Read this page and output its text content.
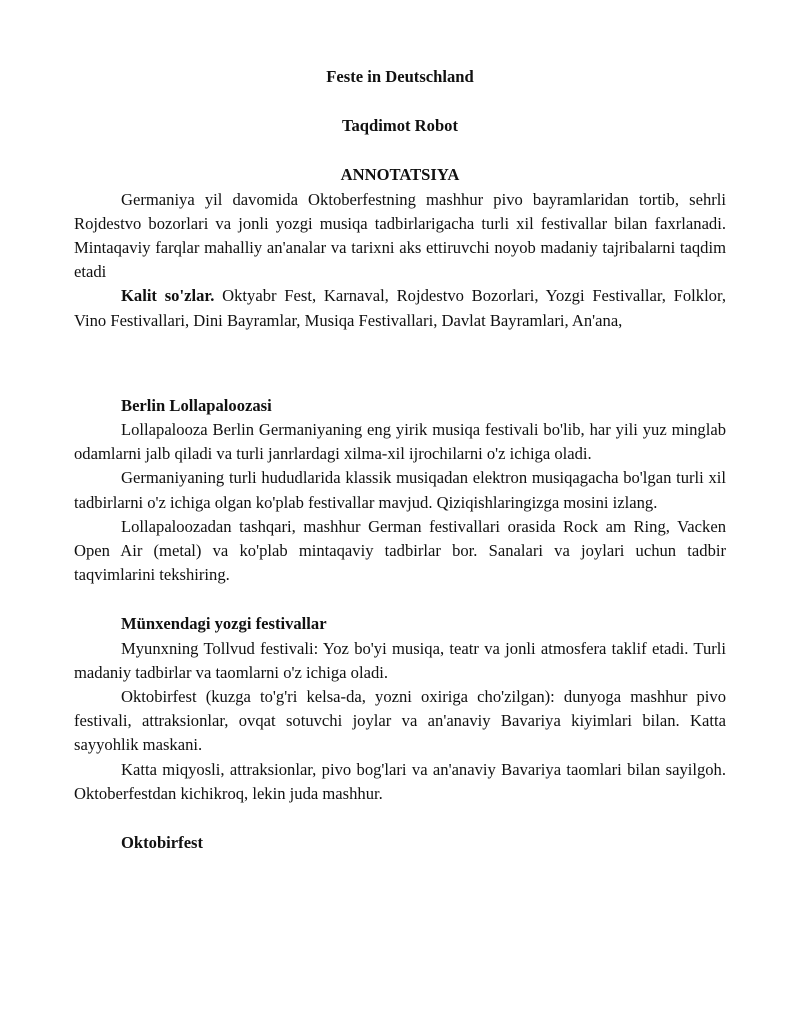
Feste in Deutschland

Taqdimot Robot

ANNOTATSIYA

Germaniya yil davomida Oktoberfestning mashhur pivo bayramlaridan tortib, sehrli Rojdestvo bozorlari va jonli yozgi musiqa tadbirlarigacha turli xil festivallar bilan faxrlanadi. Mintaqaviy farqlar mahalliy an'analar va tarixni aks ettiruvchi noyob madaniy tajribalarni taqdim etadi

Kalit so'zlar. Oktyabr Fest, Karnaval, Rojdestvo Bozorlari, Yozgi Festivallar, Folklor, Vino Festivallari, Dini Bayramlar, Musiqa Festivallari, Davlat Bayramlari, An'ana,

Berlin Lollapaloozasi

Lollapalooza Berlin Germaniyaning eng yirik musiqa festivali bo'lib, har yili yuz minglab odamlarni jalb qiladi va turli janrlardagi xilma-xil ijrochilarni o'z ichiga oladi.

Germaniyaning turli hududlarida klassik musiqadan elektron musiqagacha bo'lgan turli xil tadbirlarni o'z ichiga olgan ko'plab festivallar mavjud. Qiziqishlaringizga mosini izlang.

Lollapaloozadan tashqari, mashhur German festivallari orasida Rock am Ring, Vacken Open Air (metal) va ko'plab mintaqaviy tadbirlar bor. Sanalari va joylari uchun tadbir taqvimlarini tekshiring.

Münxendagi yozgi festivallar

Myunxning Tollvud festivali: Yoz bo'yi musiqa, teatr va jonli atmosfera taklif etadi. Turli madaniy tadbirlar va taomlarni o'z ichiga oladi.

Oktobirfest (kuzga to'g'ri kelsa-da, yozni oxiriga cho'zilgan): dunyoga mashhur pivo festivali, attraksionlar, ovqat sotuvchi joylar va an'anaviy Bavariya kiyimlari bilan. Katta sayyohlik maskani.

Katta miqyosli, attraksionlar, pivo bog'lari va an'anaviy Bavariya taomlari bilan sayilgoh. Oktoberfestdan kichikroq, lekin juda mashhur.

Oktobirfest
